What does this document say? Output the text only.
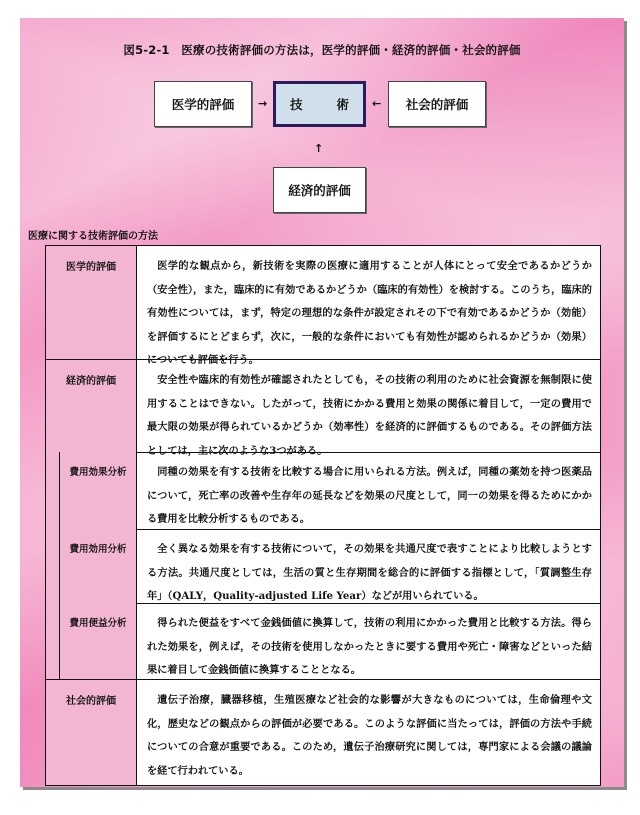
図5-2-1　医療の技術評価の方法は，医学的評価・経済的評価・社会的評価
医学的評価 → 技	術 ← 社会的評価
↑
経済的評価
医療に関する技術評価の方法
医学的評価	医学的な観点から，新技術を実際の医療に適用することが人体にとって安全であるかどうか（安全性），また，臨床的に有効であるかどうか（臨床的有効性）を検討する。このうち，臨床的有効性については，まず，特定の理想的な条件が設定されその下で有効であるかどうか（効能）を評価するにとどまらず，次に，一般的な条件においても有効性が認められるかどうか（効果）についても評価を行う。
経済的評価	安全性や臨床的有効性が確認されたとしても，その技術の利用のために社会資源を無制限に使用することはできない。したがって，技術にかかる費用と効果の関係に着目して，一定の費用で最大限の効果が得られているかどうか（効率性）を経済的に評価するものである。その評価方法としては，主に次のような3つがある。
費用効果分析	同種の効果を有する技術を比較する場合に用いられる方法。例えば，同種の薬効を持つ医薬品について，死亡率の改善や生存年の延長などを効果の尺度として，同一の効果を得るためにかかる費用を比較分析するものである。
費用効用分析	全く異なる効果を有する技術について，その効果を共通尺度で表すことにより比較しようとする方法。共通尺度としては，生活の質と生存期間を総合的に評価する指標として，「質調整生存年」（QALY，Quality-adjusted Life Year）などが用いられている。
費用便益分析	得られた便益をすべて金銭価値に換算して，技術の利用にかかった費用と比較する方法。得られた効果を，例えば，その技術を使用しなかったときに要する費用や死亡・障害などといった結果に着目して金銭価値に換算することとなる。
社会的評価	遺伝子治療，臓器移植，生殖医療など社会的な影響が大きなものについては，生命倫理や文化，歴史などの観点からの評価が必要である。このような評価に当たっては，評価の方法や手続についての合意が重要である。このため，遺伝子治療研究に関しては，専門家による会議の議論を経て行われている。
